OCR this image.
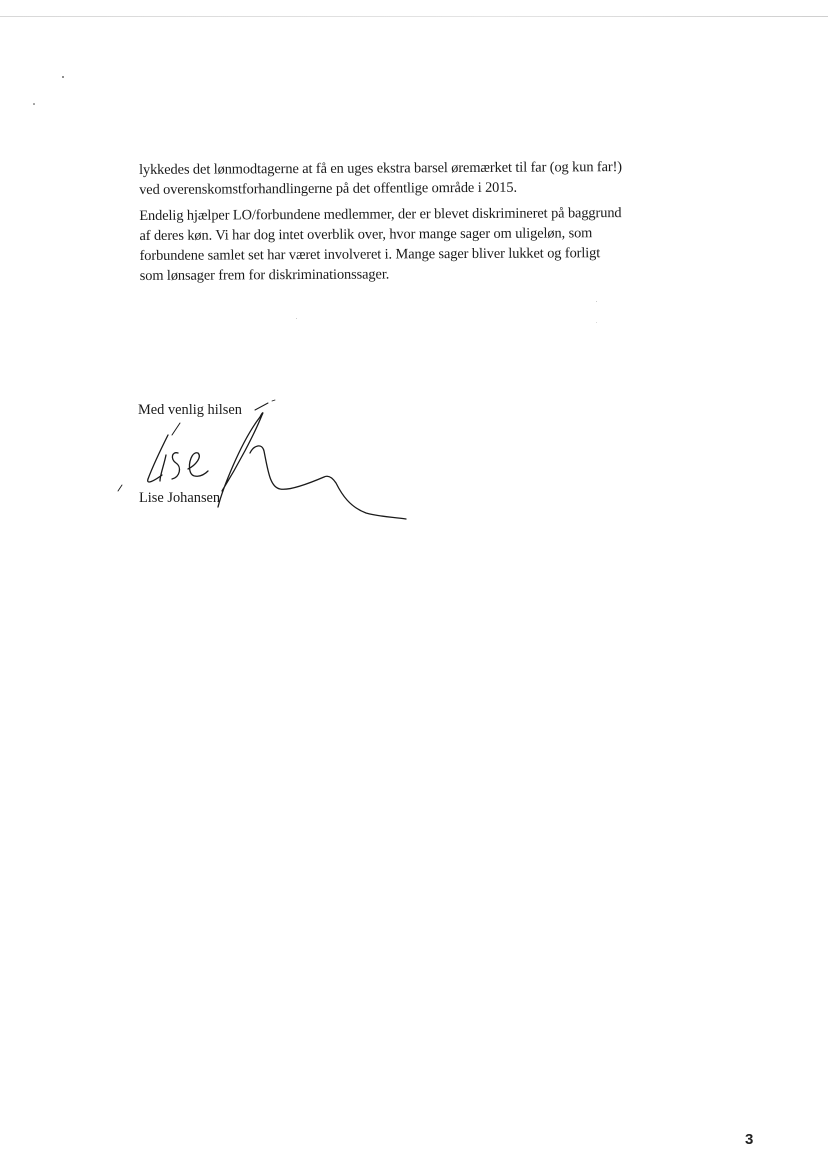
lykkedes det lønmodtagerne at få en uges ekstra barsel øremærket til far (og kun far!)
ved overenskomstforhandlingerne på det offentlige område i 2015.

Endelig hjælper LO/forbundene medlemmer, der er blevet diskrimineret på baggrund
af deres køn. Vi har dog intet overblik over, hvor mange sager om uligeløn, som
forbundene samlet set har været involveret i. Mange sager bliver lukket og forligt
som lønsager frem for diskriminationssager.

Med venlig hilsen
Lise Johansen
3
